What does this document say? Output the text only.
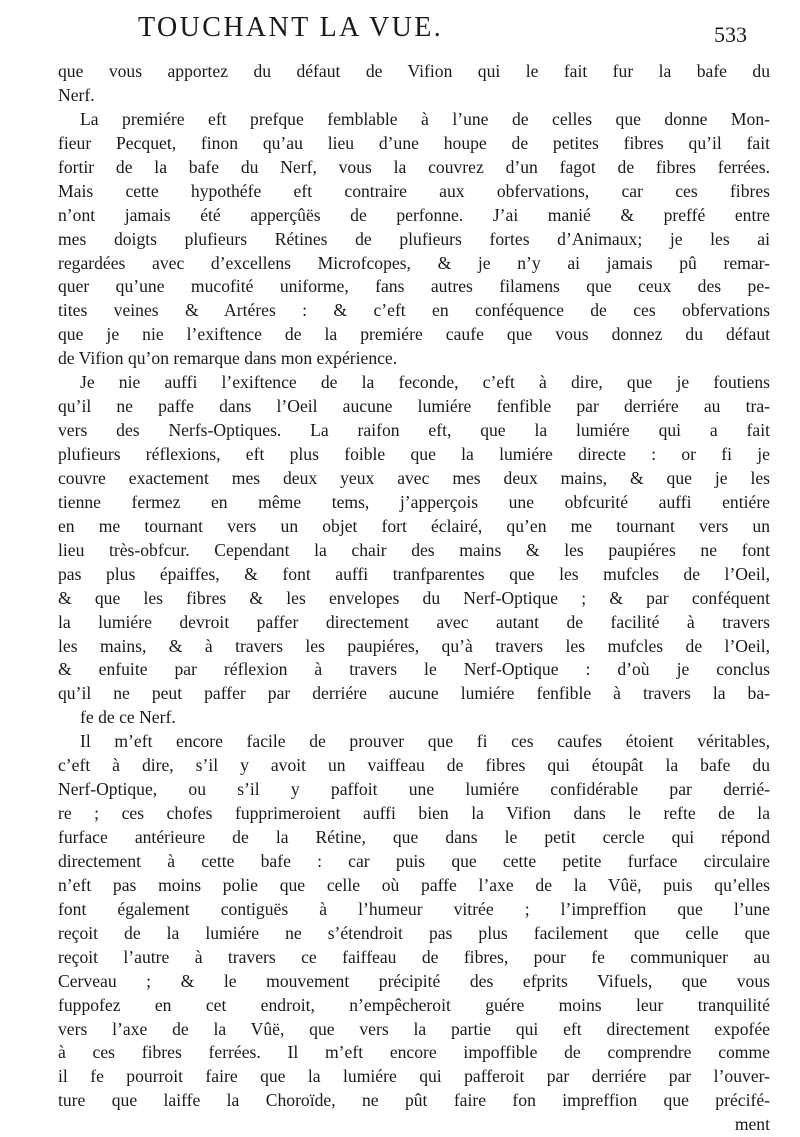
TOUCHANT LA VUE.	533
que vous apportez du défaut de Vifion qui le fait fur la bafe du
Nerf.
La premiére eft prefque femblable à l’une de celles que donne Mon-
fieur Pecquet, finon qu’au lieu d’une houpe de petites fibres qu’il fait
fortir de la bafe du Nerf, vous la couvrez d’un fagot de fibres ferrées.
Mais cette hypothéfe eft contraire aux obfervations, car ces fibres
n’ont jamais été apperçûës de perfonne. J’ai manié & preffé entre
mes doigts plufieurs Rétines de plufieurs fortes d’Animaux; je les ai
regardées avec d’excellens Microfcopes, & je n’y ai jamais pû remar-
quer qu’une mucofité uniforme, fans autres filamens que ceux des pe-
tites veines & Artéres : & c’eft en conféquence de ces obfervations
que je nie l’exiftence de la premiére caufe que vous donnez du défaut
de Vifion qu’on remarque dans mon expérience.
Je nie auffi l’exiftence de la feconde, c’eft à dire, que je foutiens
qu’il ne paffe dans l’Oeil aucune lumiére fenfible par derriére au tra-
vers des Nerfs-Optiques. La raifon eft, que la lumiére qui a fait
plufieurs réflexions, eft plus foible que la lumiére directe : or fi je
couvre exactement mes deux yeux avec mes deux mains, & que je les
tienne fermez en même tems, j’apperçois une obfcurité auffi entiére
en me tournant vers un objet fort éclairé, qu’en me tournant vers un
lieu très-obfcur. Cependant la chair des mains & les paupiéres ne font
pas plus épaiffes, & font auffi tranfparentes que les mufcles de l’Oeil,
& que les fibres & les envelopes du Nerf-Optique ; & par conféquent
la lumiére devroit paffer directement avec autant de facilité à travers
les mains, & à travers les paupiéres, qu’à travers les mufcles de l’Oeil,
& enfuite par réflexion à travers le Nerf-Optique : d’où je conclus
qu’il ne peut paffer par derriére aucune lumiére fenfible à travers la ba-
fe de ce Nerf.
Il m’eft encore facile de prouver que fi ces caufes étoient véritables,
c’eft à dire, s’il y avoit un vaiffeau de fibres qui étoupât la bafe du
Nerf-Optique, ou s’il y paffoit une lumiére confidérable par derrié-
re ; ces chofes fupprimeroient auffi bien la Vifion dans le refte de la
furface antérieure de la Rétine, que dans le petit cercle qui répond
directement à cette bafe : car puis que cette petite furface circulaire
n’eft pas moins polie que celle où paffe l’axe de la Vûë, puis qu’elles
font également contiguës à l’humeur vitrée ; l’impreffion que l’une
reçoit de la lumiére ne s’étendroit pas plus facilement que celle que
reçoit l’autre à travers ce faiffeau de fibres, pour fe communiquer au
Cerveau ; & le mouvement précipité des efprits Vifuels, que vous
fuppofez en cet endroit, n’empêcheroit guére moins leur tranquilité
vers l’axe de la Vûë, que vers la partie qui eft directement expofée
à ces fibres ferrées. Il m’eft encore impoffible de comprendre comme
il fe pourroit faire que la lumiére qui pafferoit par derriére par l’ouver-
ture que laiffe la Choroïde, ne pût faire fon impreffion que précifé-
ment
